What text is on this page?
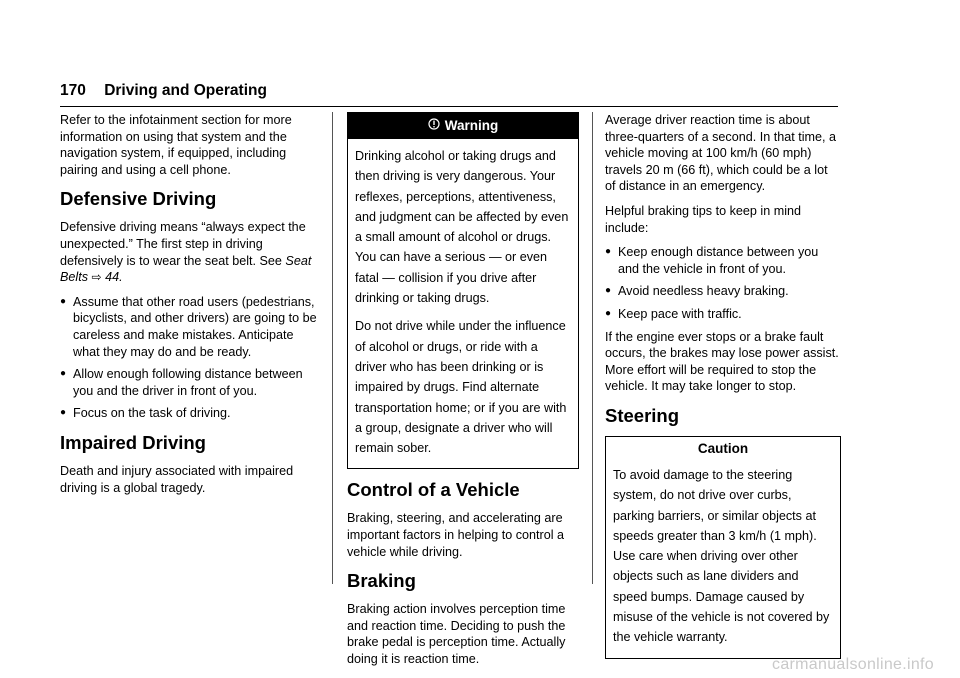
170 Driving and Operating

Refer to the infotainment section for more information on using that system and the navigation system, if equipped, including pairing and using a cell phone.

Defensive Driving

Defensive driving means “always expect the unexpected.” The first step in driving defensively is to wear the seat belt. See Seat Belts ⇨ 44.

● Assume that other road users (pedestrians, bicyclists, and other drivers) are going to be careless and make mistakes. Anticipate what they may do and be ready.
● Allow enough following distance between you and the driver in front of you.
● Focus on the task of driving.
Impaired Driving

Death and injury associated with impaired driving is a global tragedy.

Warning

Drinking alcohol or taking drugs and then driving is very dangerous. Your reflexes, perceptions, attentiveness, and judgment can be affected by even a small amount of alcohol or drugs. You can have a serious — or even fatal — collision if you drive after drinking or taking drugs.

Do not drive while under the influence of alcohol or drugs, or ride with a driver who has been drinking or is impaired by drugs. Find alternate transportation home; or if you are with a group, designate a driver who will remain sober.

Control of a Vehicle

Braking, steering, and accelerating are important factors in helping to control a vehicle while driving.

Braking

Braking action involves perception time and reaction time. Deciding to push the brake pedal is perception time. Actually doing it is reaction time.

Average driver reaction time is about three-quarters of a second. In that time, a vehicle moving at 100 km/h (60 mph) travels 20 m (66 ft), which could be a lot of distance in an emergency.

Helpful braking tips to keep in mind include:

● Keep enough distance between you and the vehicle in front of you.
● Avoid needless heavy braking.
● Keep pace with traffic.

If the engine ever stops or a brake fault occurs, the brakes may lose power assist. More effort will be required to stop the vehicle. It may take longer to stop.

Steering
Caution

To avoid damage to the steering system, do not drive over curbs, parking barriers, or similar objects at speeds greater than 3 km/h (1 mph). Use care when driving over other objects such as lane dividers and speed bumps. Damage caused by misuse of the vehicle is not covered by the vehicle warranty.

carmanualsonline.info
